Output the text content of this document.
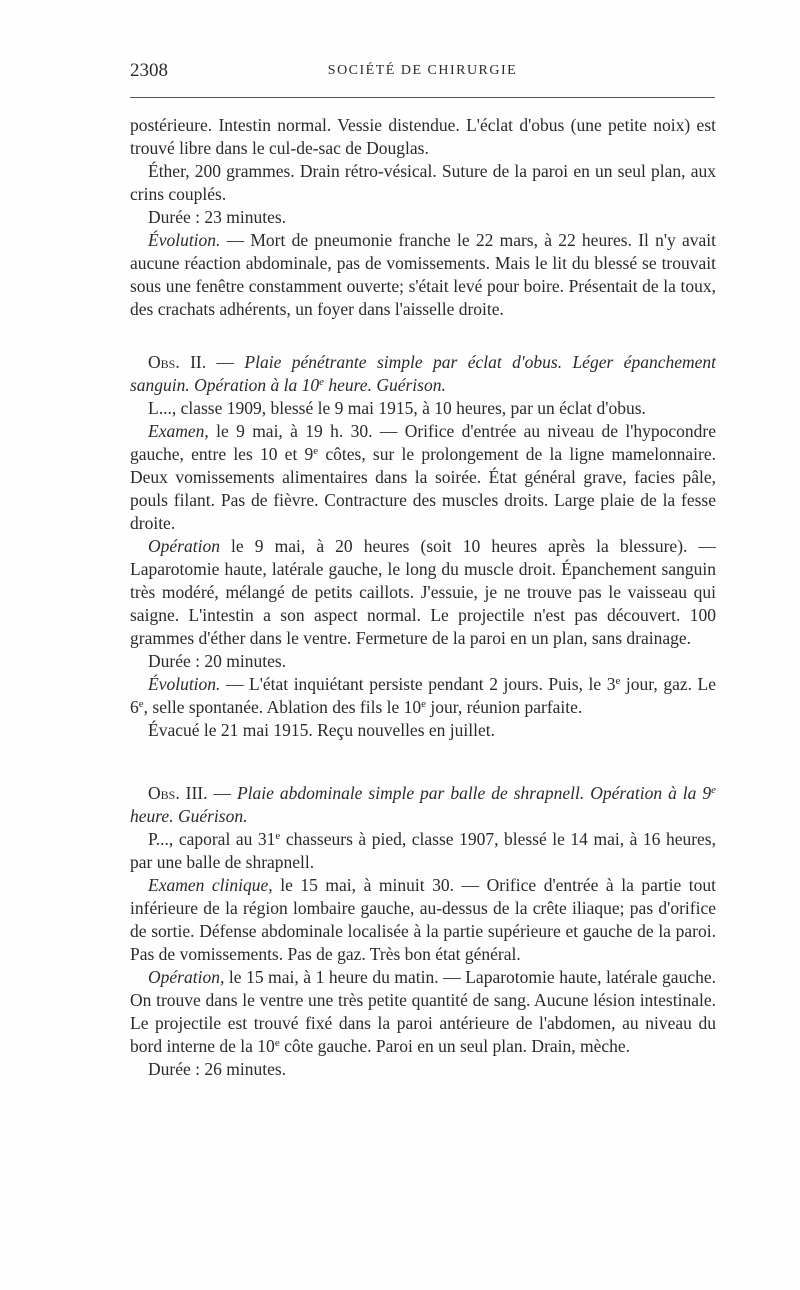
2308	SOCIÉTÉ DE CHIRURGIE

postérieure. Intestin normal. Vessie distendue. L'éclat d'obus (une petite noix) est trouvé libre dans le cul-de-sac de Douglas.

Éther, 200 grammes. Drain rétro-vésical. Suture de la paroi en un seul plan, aux crins couplés.

Durée : 23 minutes.

Évolution. — Mort de pneumonie franche le 22 mars, à 22 heures. Il n'y avait aucune réaction abdominale, pas de vomissements. Mais le lit du blessé se trouvait sous une fenêtre constamment ouverte; s'était levé pour boire. Présentait de la toux, des crachats adhérents, un foyer dans l'aisselle droite.

Obs. II. — Plaie pénétrante simple par éclat d'obus. Léger épanchement sanguin. Opération à la 10e heure. Guérison.

L..., classe 1909, blessé le 9 mai 1915, à 10 heures, par un éclat d'obus.

Examen, le 9 mai, à 19 h. 30. — Orifice d'entrée au niveau de l'hypocondre gauche, entre les 10 et 9e côtes, sur le prolongement de la ligne mamelonnaire. Deux vomissements alimentaires dans la soirée. État général grave, facies pâle, pouls filant. Pas de fièvre. Contracture des muscles droits. Large plaie de la fesse droite.

Opération le 9 mai, à 20 heures (soit 10 heures après la blessure). — Laparotomie haute, latérale gauche, le long du muscle droit. Épanchement sanguin très modéré, mélangé de petits caillots. J'essuie, je ne trouve pas le vaisseau qui saigne. L'intestin a son aspect normal. Le projectile n'est pas découvert. 100 grammes d'éther dans le ventre. Fermeture de la paroi en un plan, sans drainage.

Durée : 20 minutes.

Évolution. — L'état inquiétant persiste pendant 2 jours. Puis, le 3e jour, gaz. Le 6e, selle spontanée. Ablation des fils le 10e jour, réunion parfaite.

Évacué le 21 mai 1915. Reçu nouvelles en juillet.

Obs. III. — Plaie abdominale simple par balle de shrapnell. Opération à la 9e heure. Guérison.

P..., caporal au 31e chasseurs à pied, classe 1907, blessé le 14 mai, à 16 heures, par une balle de shrapnell.

Examen clinique, le 15 mai, à minuit 30. — Orifice d'entrée à la partie tout inférieure de la région lombaire gauche, au-dessus de la crête iliaque; pas d'orifice de sortie. Défense abdominale localisée à la partie supérieure et gauche de la paroi. Pas de vomissements. Pas de gaz. Très bon état général.

Opération, le 15 mai, à 1 heure du matin. — Laparotomie haute, latérale gauche. On trouve dans le ventre une très petite quantité de sang. Aucune lésion intestinale. Le projectile est trouvé fixé dans la paroi antérieure de l'abdomen, au niveau du bord interne de la 10e côte gauche. Paroi en un seul plan. Drain, mèche.

Durée : 26 minutes.
